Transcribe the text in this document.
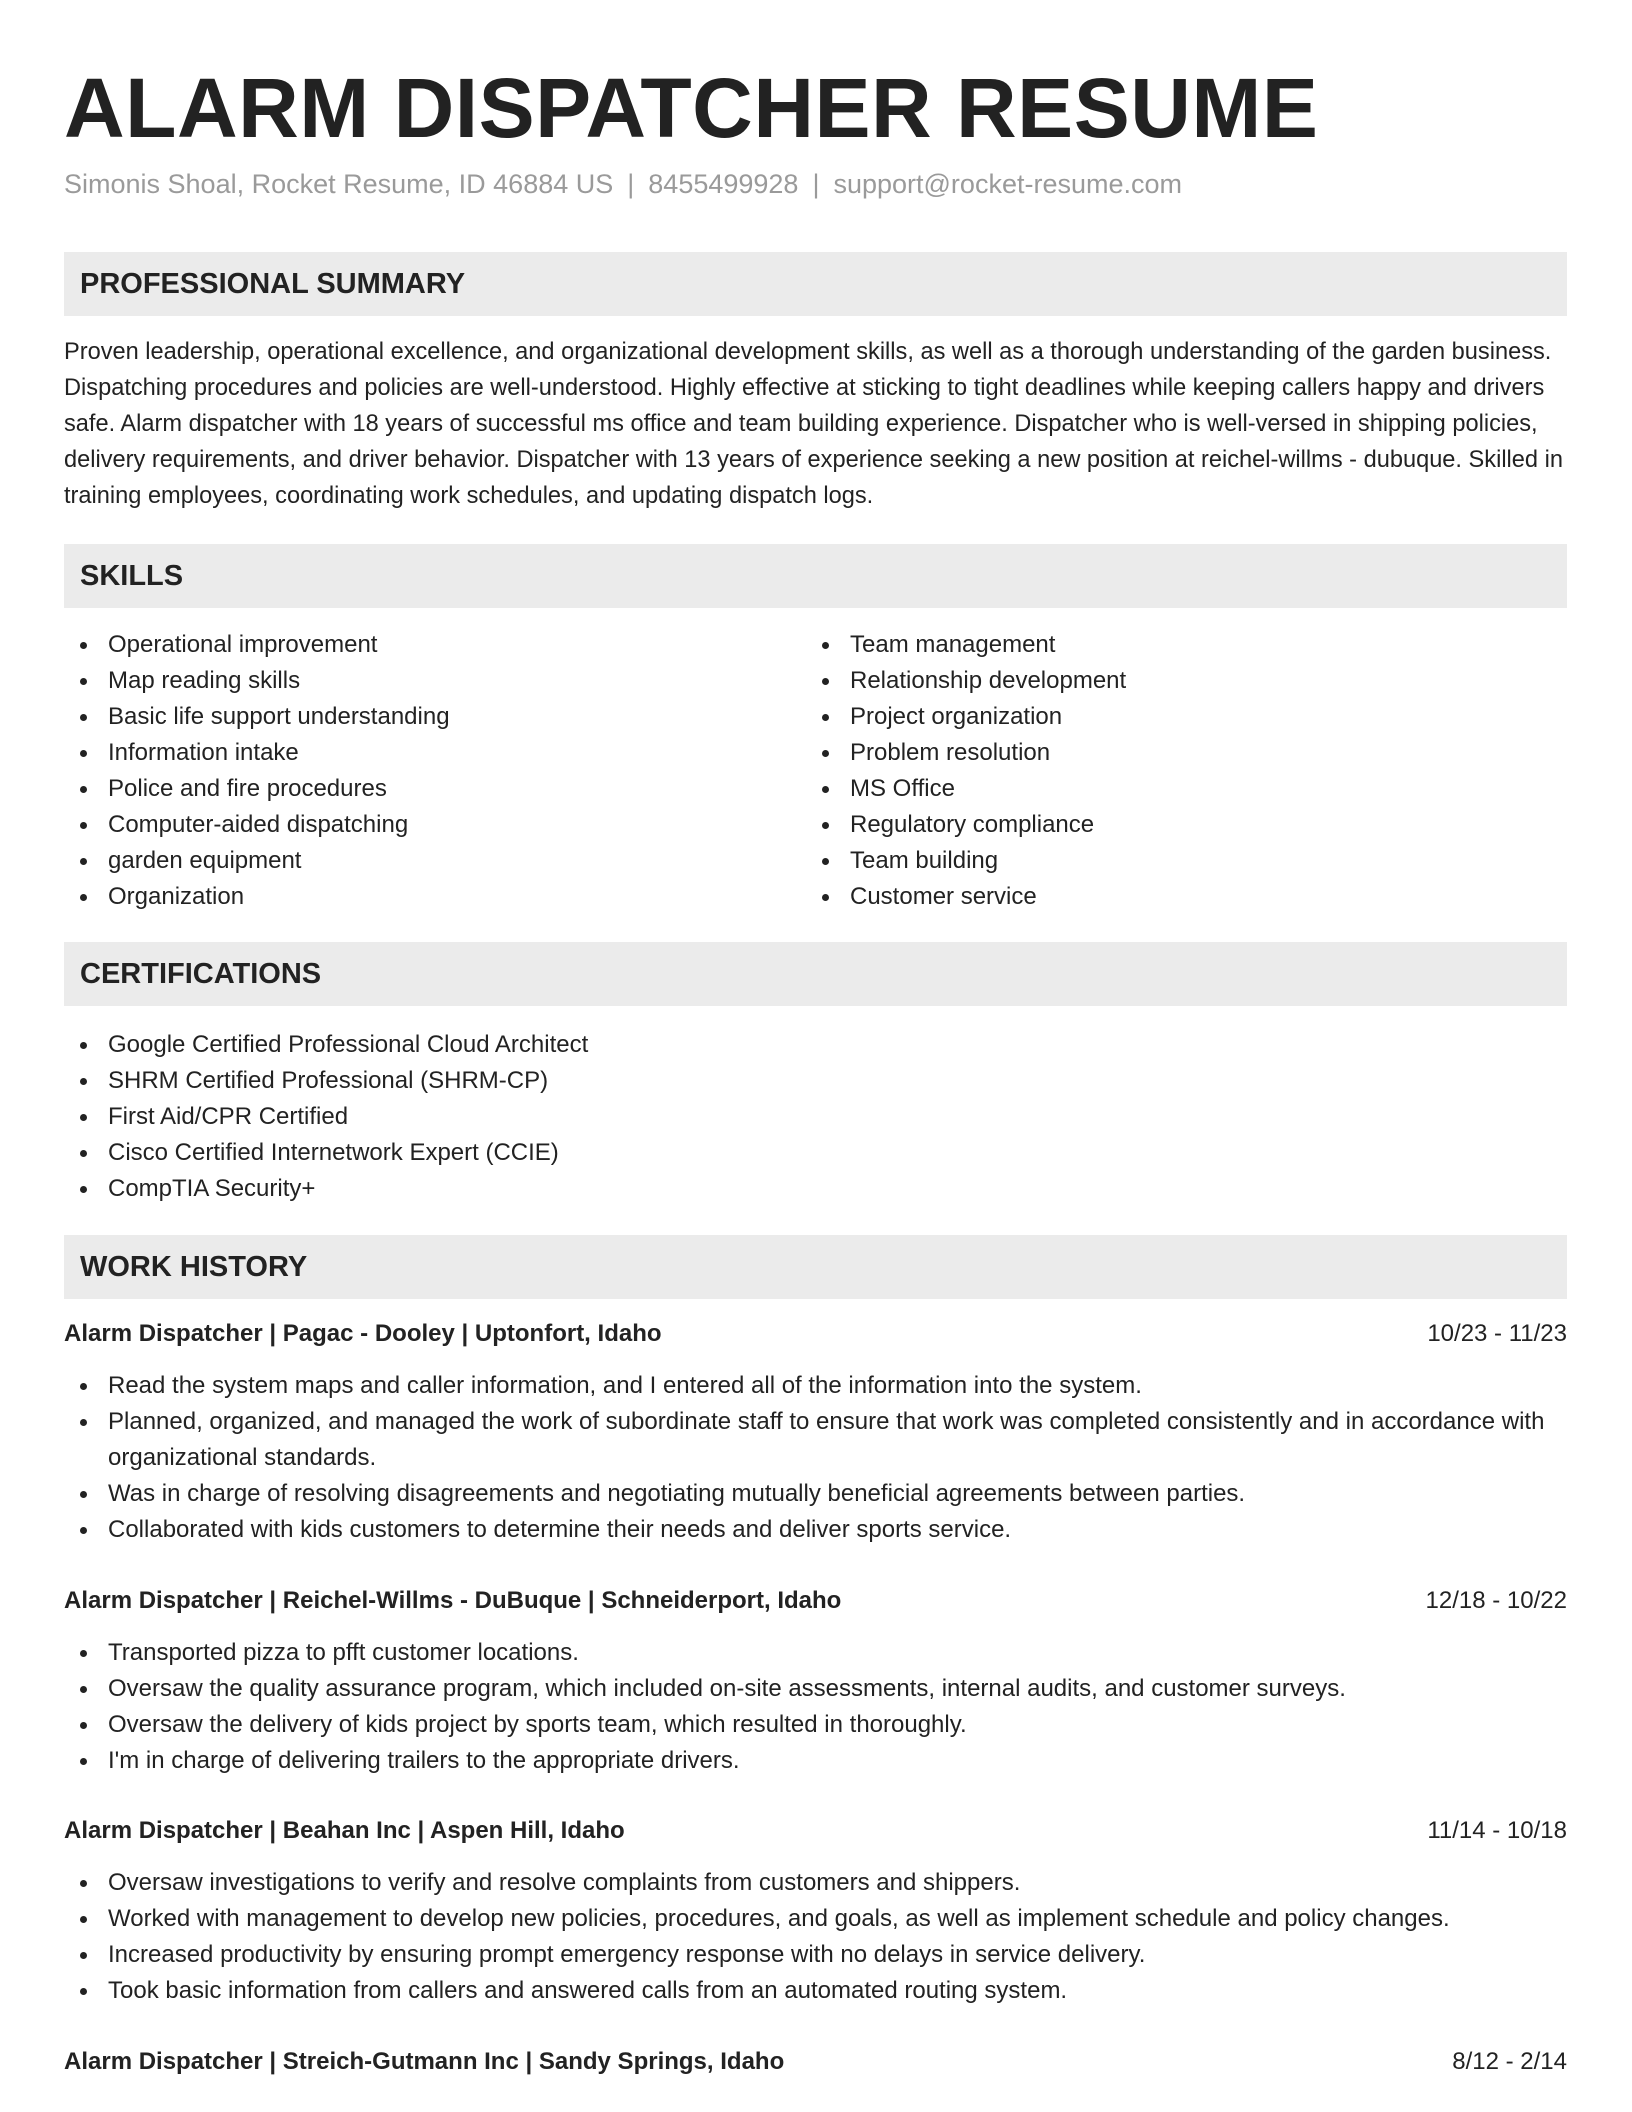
ALARM DISPATCHER RESUME
Simonis Shoal, Rocket Resume, ID 46884 US | 8455499928 | support@rocket-resume.com
PROFESSIONAL SUMMARY

Proven leadership, operational excellence, and organizational development skills, as well as a thorough understanding of the garden business. Dispatching procedures and policies are well-understood. Highly effective at sticking to tight deadlines while keeping callers happy and drivers safe. Alarm dispatcher with 18 years of successful ms office and team building experience. Dispatcher who is well-versed in shipping policies, delivery requirements, and driver behavior. Dispatcher with 13 years of experience seeking a new position at reichel-willms - dubuque. Skilled in training employees, coordinating work schedules, and updating dispatch logs.

SKILLS
Operational improvement
Map reading skills
Basic life support understanding
Information intake
Police and fire procedures
Computer-aided dispatching
garden equipment
Organization
Team management
Relationship development
Project organization
Problem resolution
MS Office
Regulatory compliance
Team building
Customer service
CERTIFICATIONS
Google Certified Professional Cloud Architect
SHRM Certified Professional (SHRM-CP)
First Aid/CPR Certified
Cisco Certified Internetwork Expert (CCIE)
CompTIA Security+
WORK HISTORY
Alarm Dispatcher | Pagac - Dooley | Uptonfort, Idaho	10/23 - 11/23
Read the system maps and caller information, and I entered all of the information into the system.
Planned, organized, and managed the work of subordinate staff to ensure that work was completed consistently and in accordance with organizational standards.
Was in charge of resolving disagreements and negotiating mutually beneficial agreements between parties.
Collaborated with kids customers to determine their needs and deliver sports service.
Alarm Dispatcher | Reichel-Willms - DuBuque | Schneiderport, Idaho	12/18 - 10/22
Transported pizza to pfft customer locations.
Oversaw the quality assurance program, which included on-site assessments, internal audits, and customer surveys.
Oversaw the delivery of kids project by sports team, which resulted in thoroughly.
I'm in charge of delivering trailers to the appropriate drivers.
Alarm Dispatcher | Beahan Inc | Aspen Hill, Idaho	11/14 - 10/18
Oversaw investigations to verify and resolve complaints from customers and shippers.
Worked with management to develop new policies, procedures, and goals, as well as implement schedule and policy changes.
Increased productivity by ensuring prompt emergency response with no delays in service delivery.
Took basic information from callers and answered calls from an automated routing system.
Alarm Dispatcher | Streich-Gutmann Inc | Sandy Springs, Idaho	8/12 - 2/14
